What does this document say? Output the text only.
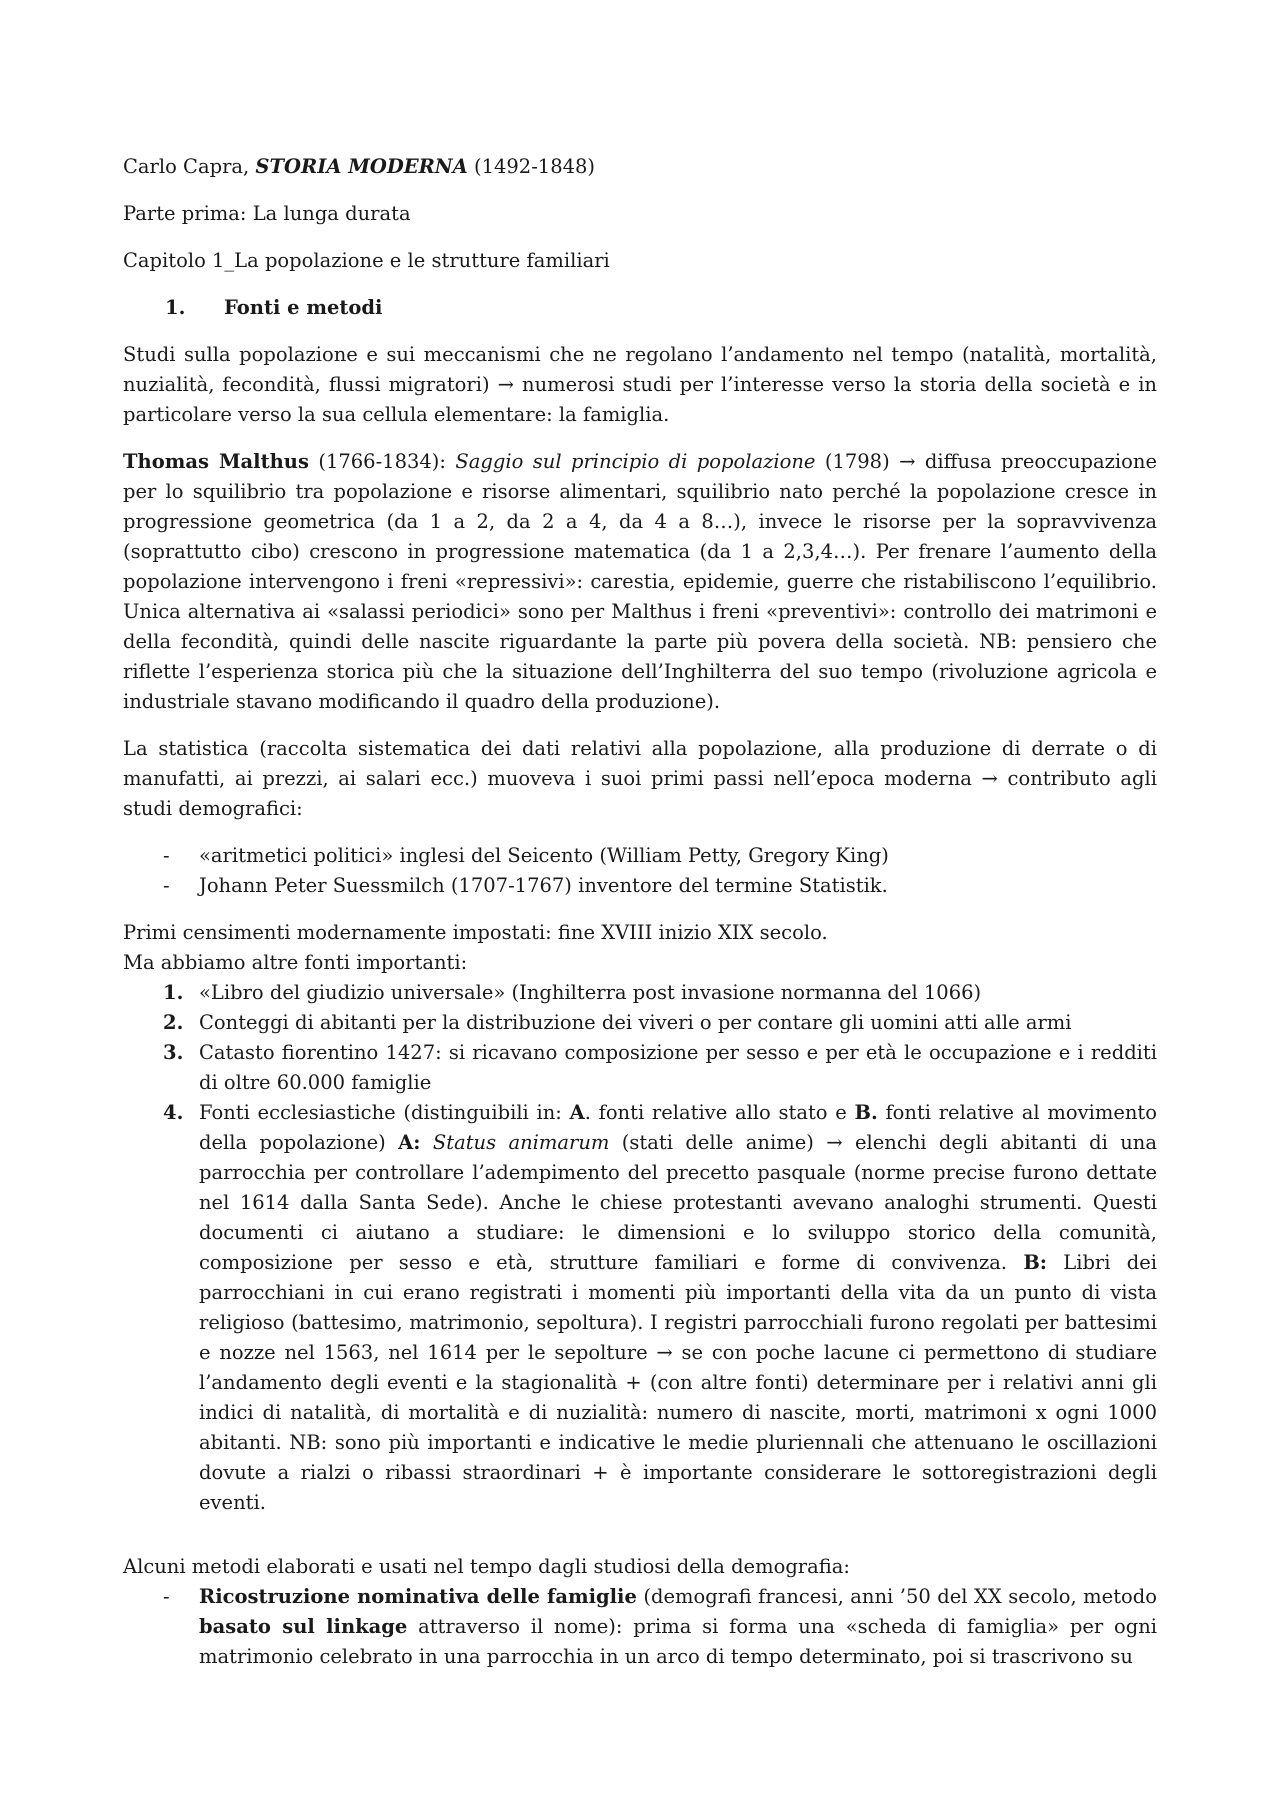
Carlo Capra, STORIA MODERNA (1492-1848)

Parte prima: La lunga durata

Capitolo 1_La popolazione e le strutture familiari

1.	Fonti e metodi

Studi sulla popolazione e sui meccanismi che ne regolano l’andamento nel tempo (natalità, mortalità, nuzialità, fecondità, flussi migratori) → numerosi studi per l’interesse verso la storia della società e in particolare verso la sua cellula elementare: la famiglia.

Thomas Malthus (1766-1834): Saggio sul principio di popolazione (1798) → diffusa preoccupazione per lo squilibrio tra popolazione e risorse alimentari, squilibrio nato perché la popolazione cresce in progressione geometrica (da 1 a 2, da 2 a 4, da 4 a 8…), invece le risorse per la sopravvivenza (soprattutto cibo) crescono in progressione matematica (da 1 a 2,3,4…). Per frenare l’aumento della popolazione intervengono i freni «repressivi»: carestia, epidemie, guerre che ristabiliscono l’equilibrio. Unica alternativa ai «salassi periodici» sono per Malthus i freni «preventivi»: controllo dei matrimoni e della fecondità, quindi delle nascite riguardante la parte più povera della società. NB: pensiero che riflette l’esperienza storica più che la situazione dell’Inghilterra del suo tempo (rivoluzione agricola e industriale stavano modificando il quadro della produzione).

La statistica (raccolta sistematica dei dati relativi alla popolazione, alla produzione di derrate o di manufatti, ai prezzi, ai salari ecc.) muoveva i suoi primi passi nell’epoca moderna → contributo agli studi demografici:

-	«aritmetici politici» inglesi del Seicento (William Petty, Gregory King)
-	Johann Peter Suessmilch (1707-1767) inventore del termine Statistik.

Primi censimenti modernamente impostati: fine XVIII inizio XIX secolo.

Ma abbiamo altre fonti importanti:

1. «Libro del giudizio universale» (Inghilterra post invasione normanna del 1066)
2. Conteggi di abitanti per la distribuzione dei viveri o per contare gli uomini atti alle armi
3. Catasto fiorentino 1427: si ricavano composizione per sesso e per età le occupazione e i redditi di oltre 60.000 famiglie
4. Fonti ecclesiastiche (distinguibili in: A. fonti relative allo stato e B. fonti relative al movimento della popolazione) A: Status animarum (stati delle anime) → elenchi degli abitanti di una parrocchia per controllare l’adempimento del precetto pasquale (norme precise furono dettate nel 1614 dalla Santa Sede). Anche le chiese protestanti avevano analoghi strumenti. Questi documenti ci aiutano a studiare: le dimensioni e lo sviluppo storico della comunità, composizione per sesso e età, strutture familiari e forme di convivenza. B: Libri dei parrocchiani in cui erano registrati i momenti più importanti della vita da un punto di vista religioso (battesimo, matrimonio, sepoltura). I registri parrocchiali furono regolati per battesimi e nozze nel 1563, nel 1614 per le sepolture → se con poche lacune ci permettono di studiare l’andamento degli eventi e la stagionalità + (con altre fonti) determinare per i relativi anni gli indici di natalità, di mortalità e di nuzialità: numero di nascite, morti, matrimoni x ogni 1000 abitanti. NB: sono più importanti e indicative le medie pluriennali che attenuano le oscillazioni dovute a rialzi o ribassi straordinari + è importante considerare le sottoregistrazioni degli eventi.

Alcuni metodi elaborati e usati nel tempo dagli studiosi della demografia:

-	Ricostruzione nominativa delle famiglie (demografi francesi, anni ’50 del XX secolo, metodo basato sul linkage attraverso il nome): prima si forma una «scheda di famiglia» per ogni matrimonio celebrato in una parrocchia in un arco di tempo determinato, poi si trascrivono su
